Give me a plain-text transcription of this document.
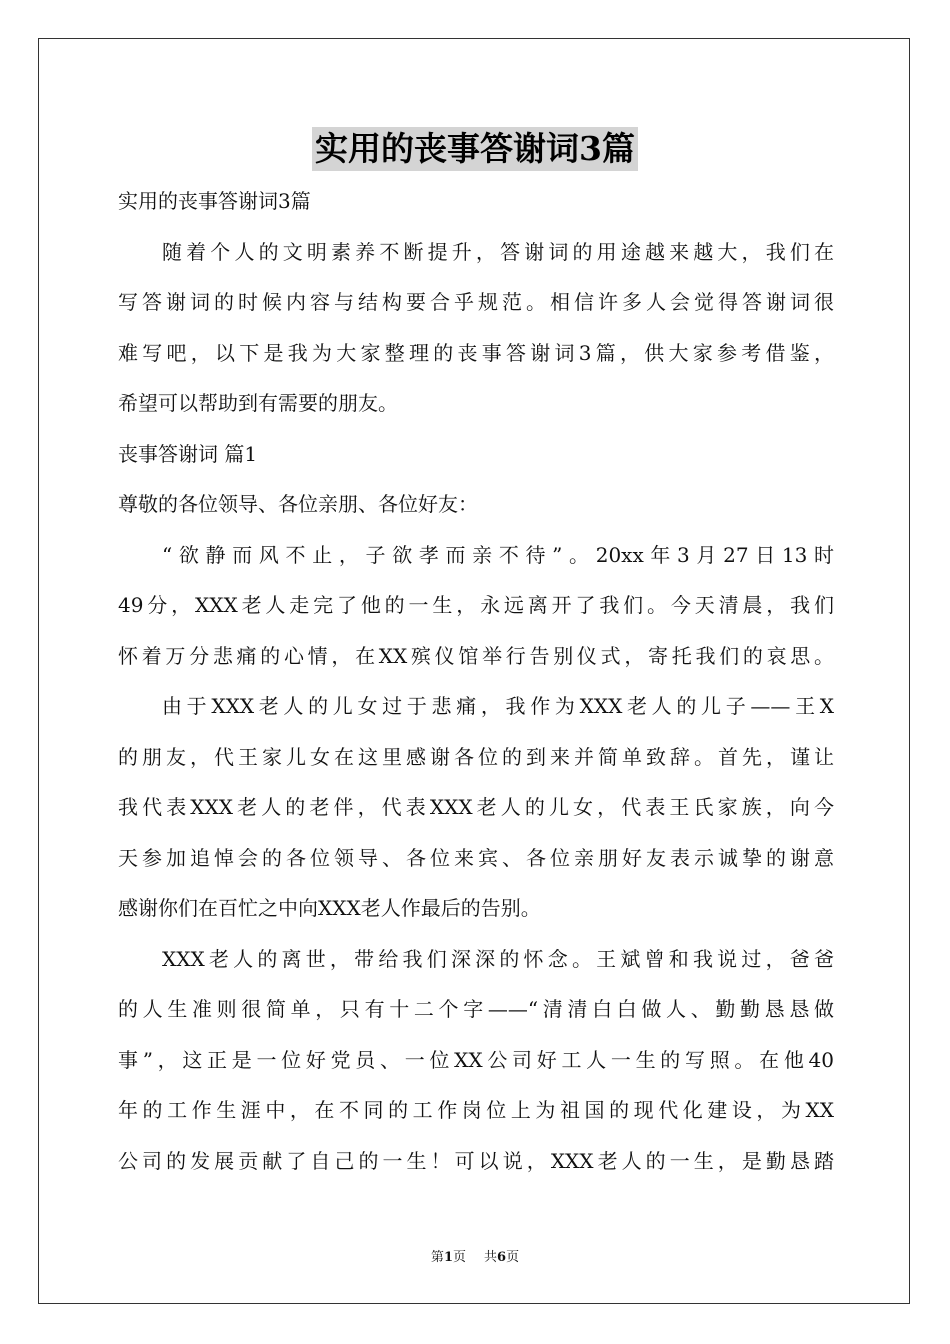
实用的丧事答谢词3篇
实用的丧事答谢词3篇
随着个人的文明素养不断提升，答谢词的用途越来越大，我们在
写答谢词的时候内容与结构要合乎规范。相信许多人会觉得答谢词很
难写吧，以下是我为大家整理的丧事答谢词3篇，供大家参考借鉴，
希望可以帮助到有需要的朋友。
丧事答谢词 篇1
尊敬的各位领导、各位亲朋、各位好友：
“欲静而风不止，子欲孝而亲不待”。20xx年3月27日13时
49分，XXX老人走完了他的一生，永远离开了我们。今天清晨，我们
怀着万分悲痛的心情，在XX殡仪馆举行告别仪式，寄托我们的哀思。
由于XXX老人的儿女过于悲痛，我作为XXX老人的儿子——王X
的朋友，代王家儿女在这里感谢各位的到来并简单致辞。首先，谨让
我代表XXX老人的老伴，代表XXX老人的儿女，代表王氏家族，向今
天参加追悼会的各位领导、各位来宾、各位亲朋好友表示诚挚的谢意
感谢你们在百忙之中向XXX老人作最后的告别。
XXX老人的离世，带给我们深深的怀念。王斌曾和我说过，爸爸
的人生准则很简单，只有十二个字——“清清白白做人、勤勤恳恳做
事”，这正是一位好党员、一位XX公司好工人一生的写照。在他40
年的工作生涯中，在不同的工作岗位上为祖国的现代化建设，为XX
公司的发展贡献了自己的一生！可以说，XXX老人的一生，是勤恳踏
第1页 共6页
